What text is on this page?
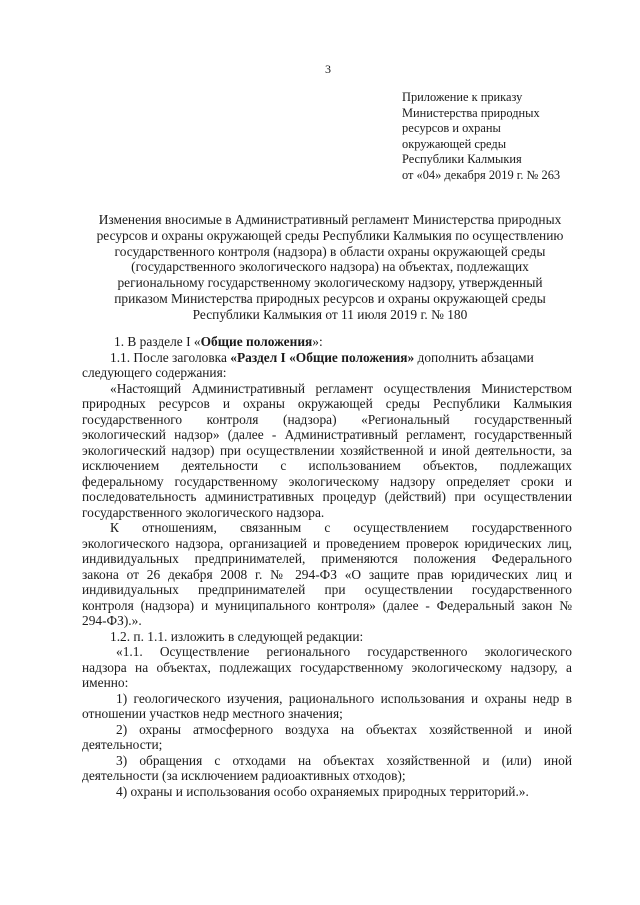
3
Приложение к приказу
Министерства природных
ресурсов и охраны
окружающей среды
Республики Калмыкия
от «04» декабря 2019 г. № 263
Изменения вносимые в Административный регламент Министерства природных
ресурсов и охраны окружающей среды Республики Калмыкия по осуществлению
государственного контроля (надзора) в области охраны окружающей среды
(государственного экологического надзора) на объектах, подлежащих
региональному государственному экологическому надзору, утвержденный
приказом Министерства природных ресурсов и охраны окружающей среды
Республики Калмыкия от 11 июля 2019 г. № 180
1. В разделе I «Общие положения»:
1.1. После заголовка «Раздел I «Общие положения» дополнить абзацами
следующего содержания:
«Настоящий Административный регламент осуществления Министерством
природных ресурсов и охраны окружающей среды Республики Калмыкия
государственного контроля (надзора) «Региональный государственный
экологический надзор» (далее - Административный регламент, государственный
экологический надзор) при осуществлении хозяйственной и иной деятельности, за
исключением деятельности с использованием объектов, подлежащих
федеральному государственному экологическому надзору определяет сроки и
последовательность административных процедур (действий) при осуществлении
государственного экологического надзора.
К отношениям, связанным с осуществлением государственного
экологического надзора, организацией и проведением проверок юридических лиц,
индивидуальных предпринимателей, применяются положения Федерального
закона от 26 декабря 2008 г. № 294-ФЗ «О защите прав юридических лиц и
индивидуальных предпринимателей при осуществлении государственного
контроля (надзора) и муниципального контроля» (далее - Федеральный закон №
294-ФЗ).».
1.2. п. 1.1. изложить в следующей редакции:
«1.1. Осуществление регионального государственного экологического
надзора на объектах, подлежащих государственному экологическому надзору, а
именно:
1) геологического изучения, рационального использования и охраны недр в
отношении участков недр местного значения;
2) охраны атмосферного воздуха на объектах хозяйственной и иной
деятельности;
3) обращения с отходами на объектах хозяйственной и (или) иной
деятельности (за исключением радиоактивных отходов);
4) охраны и использования особо охраняемых природных территорий.».
